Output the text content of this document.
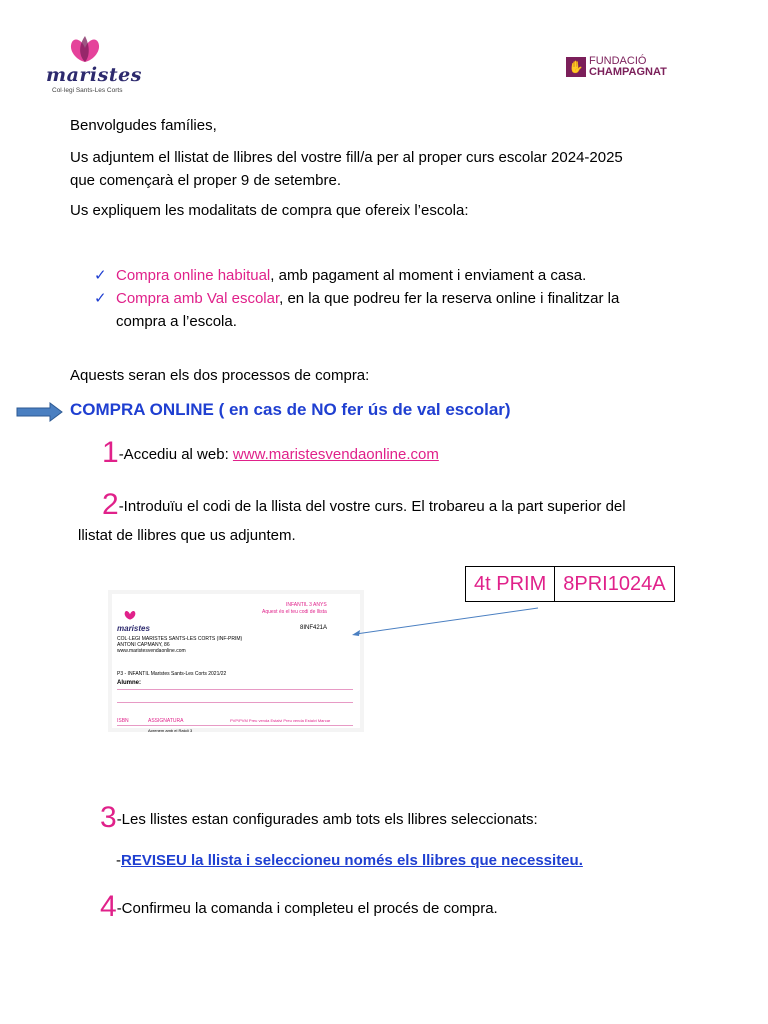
maristes
Col·legi Sants-Les Corts
✋ FUNDACIÓ
CHAMPAGNAT
Benvolgudes famílies,
Us adjuntem el llistat de llibres del vostre fill/a per al proper curs escolar 2024-2025
que començarà el proper 9 de setembre.
Us expliquem les modalitats de compra que ofereix l’escola:
✓ Compra online habitual, amb pagament al moment i enviament a casa.
✓ Compra amb Val escolar, en la que podreu fer la reserva online i finalitzar la
compra a l’escola.
Aquests seran els dos processos de compra:
COMPRA ONLINE ( en cas de NO fer ús de val escolar)
1-Accediu al web: www.maristesvendaonline.com
2-Introduïu el codi de la llista del vostre curs. El trobareu a la part superior del
llistat de llibres que us adjuntem.
4t PRIM	8PRI1024A
maristes
COL·LEGI MARISTES SANTS-LES CORTS (INF-PRIM)
ANTONI CAPMANY, 86
www.maristesvendaonline.com
INFANTIL 3 ANYS
Aquest és el teu codi de llista
8INF421A
P3 - INFANTIL Maristes Sants-Les Corts 2021/22
Alumne:
ISBN	ASSIGNATURA	PVP/PVM Preu venda Estalvi Preu venda Estalvi Marcar
Aprenem amb el Ratolí 3
3-Les llistes estan configurades amb tots els llibres seleccionats:
-REVISEU la llista i seleccioneu només els llibres que necessiteu.
4-Confirmeu la comanda i completeu el procés de compra.
